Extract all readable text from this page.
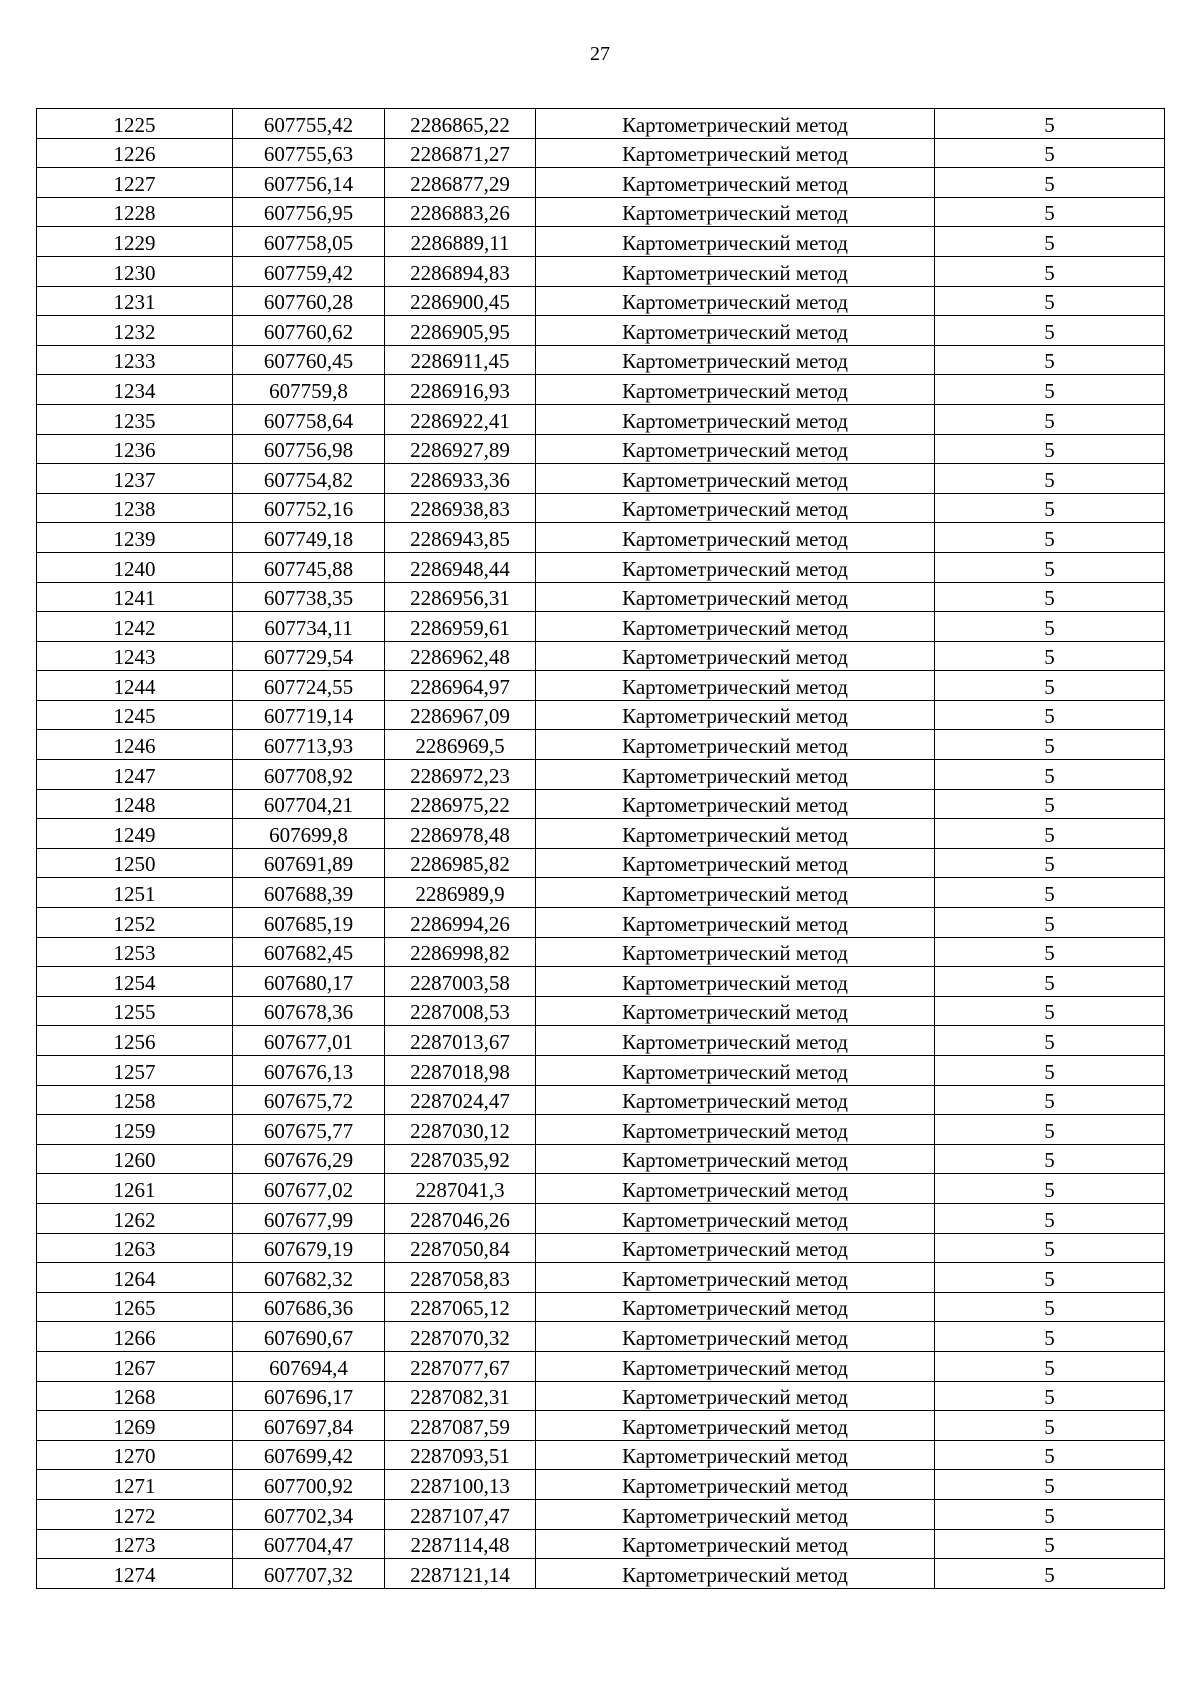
27
1225	607755,42	2286865,22	Картометрический метод	5
1226	607755,63	2286871,27	Картометрический метод	5
1227	607756,14	2286877,29	Картометрический метод	5
1228	607756,95	2286883,26	Картометрический метод	5
1229	607758,05	2286889,11	Картометрический метод	5
1230	607759,42	2286894,83	Картометрический метод	5
1231	607760,28	2286900,45	Картометрический метод	5
1232	607760,62	2286905,95	Картометрический метод	5
1233	607760,45	2286911,45	Картометрический метод	5
1234	607759,8	2286916,93	Картометрический метод	5
1235	607758,64	2286922,41	Картометрический метод	5
1236	607756,98	2286927,89	Картометрический метод	5
1237	607754,82	2286933,36	Картометрический метод	5
1238	607752,16	2286938,83	Картометрический метод	5
1239	607749,18	2286943,85	Картометрический метод	5
1240	607745,88	2286948,44	Картометрический метод	5
1241	607738,35	2286956,31	Картометрический метод	5
1242	607734,11	2286959,61	Картометрический метод	5
1243	607729,54	2286962,48	Картометрический метод	5
1244	607724,55	2286964,97	Картометрический метод	5
1245	607719,14	2286967,09	Картометрический метод	5
1246	607713,93	2286969,5	Картометрический метод	5
1247	607708,92	2286972,23	Картометрический метод	5
1248	607704,21	2286975,22	Картометрический метод	5
1249	607699,8	2286978,48	Картометрический метод	5
1250	607691,89	2286985,82	Картометрический метод	5
1251	607688,39	2286989,9	Картометрический метод	5
1252	607685,19	2286994,26	Картометрический метод	5
1253	607682,45	2286998,82	Картометрический метод	5
1254	607680,17	2287003,58	Картометрический метод	5
1255	607678,36	2287008,53	Картометрический метод	5
1256	607677,01	2287013,67	Картометрический метод	5
1257	607676,13	2287018,98	Картометрический метод	5
1258	607675,72	2287024,47	Картометрический метод	5
1259	607675,77	2287030,12	Картометрический метод	5
1260	607676,29	2287035,92	Картометрический метод	5
1261	607677,02	2287041,3	Картометрический метод	5
1262	607677,99	2287046,26	Картометрический метод	5
1263	607679,19	2287050,84	Картометрический метод	5
1264	607682,32	2287058,83	Картометрический метод	5
1265	607686,36	2287065,12	Картометрический метод	5
1266	607690,67	2287070,32	Картометрический метод	5
1267	607694,4	2287077,67	Картометрический метод	5
1268	607696,17	2287082,31	Картометрический метод	5
1269	607697,84	2287087,59	Картометрический метод	5
1270	607699,42	2287093,51	Картометрический метод	5
1271	607700,92	2287100,13	Картометрический метод	5
1272	607702,34	2287107,47	Картометрический метод	5
1273	607704,47	2287114,48	Картометрический метод	5
1274	607707,32	2287121,14	Картометрический метод	5
